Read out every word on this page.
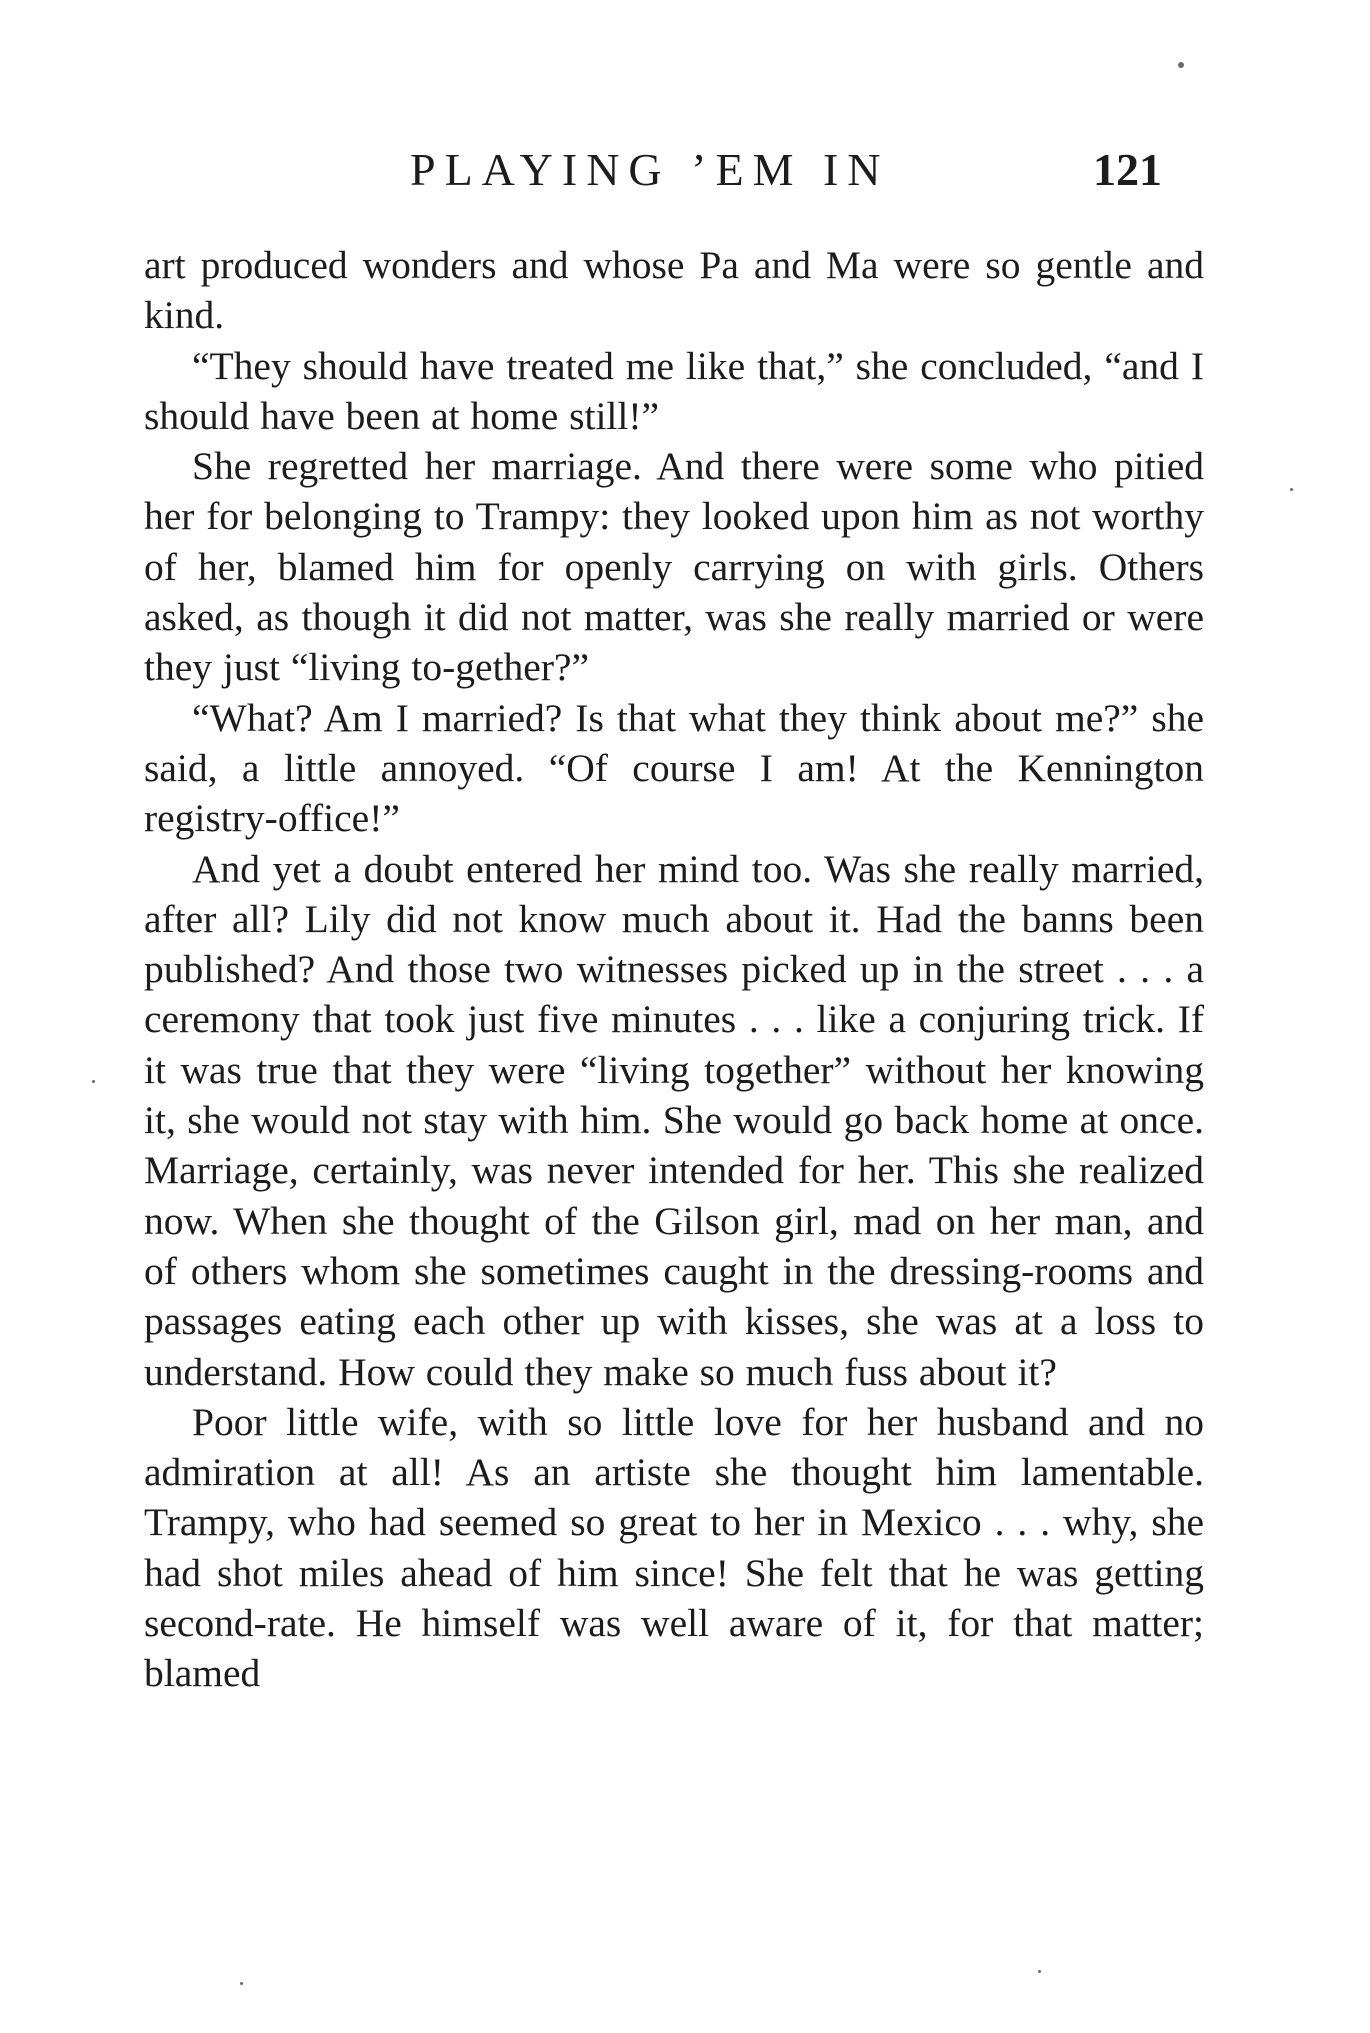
PLAYING ’EM IN	121

art produced wonders and whose Pa and Ma were so gentle and kind.

“They should have treated me like that,” she concluded, “and I should have been at home still!”

She regretted her marriage. And there were some who pitied her for belonging to Trampy: they looked upon him as not worthy of her, blamed him for openly carrying on with girls. Others asked, as though it did not matter, was she really married or were they just “living to-gether?”

“What? Am I married? Is that what they think about me?” she said, a little annoyed. “Of course I am! At the Kennington registry-office!”

And yet a doubt entered her mind too. Was she really married, after all? Lily did not know much about it. Had the banns been published? And those two witnesses picked up in the street . . . a ceremony that took just five minutes . . . like a conjuring trick. If it was true that they were “living together” without her knowing it, she would not stay with him. She would go back home at once. Marriage, certainly, was never intended for her. This she realized now. When she thought of the Gilson girl, mad on her man, and of others whom she sometimes caught in the dressing-rooms and passages eating each other up with kisses, she was at a loss to understand. How could they make so much fuss about it?

Poor little wife, with so little love for her husband and no admiration at all! As an artiste she thought him lamentable. Trampy, who had seemed so great to her in Mexico . . . why, she had shot miles ahead of him since! She felt that he was getting second-rate. He himself was well aware of it, for that matter; blamed
